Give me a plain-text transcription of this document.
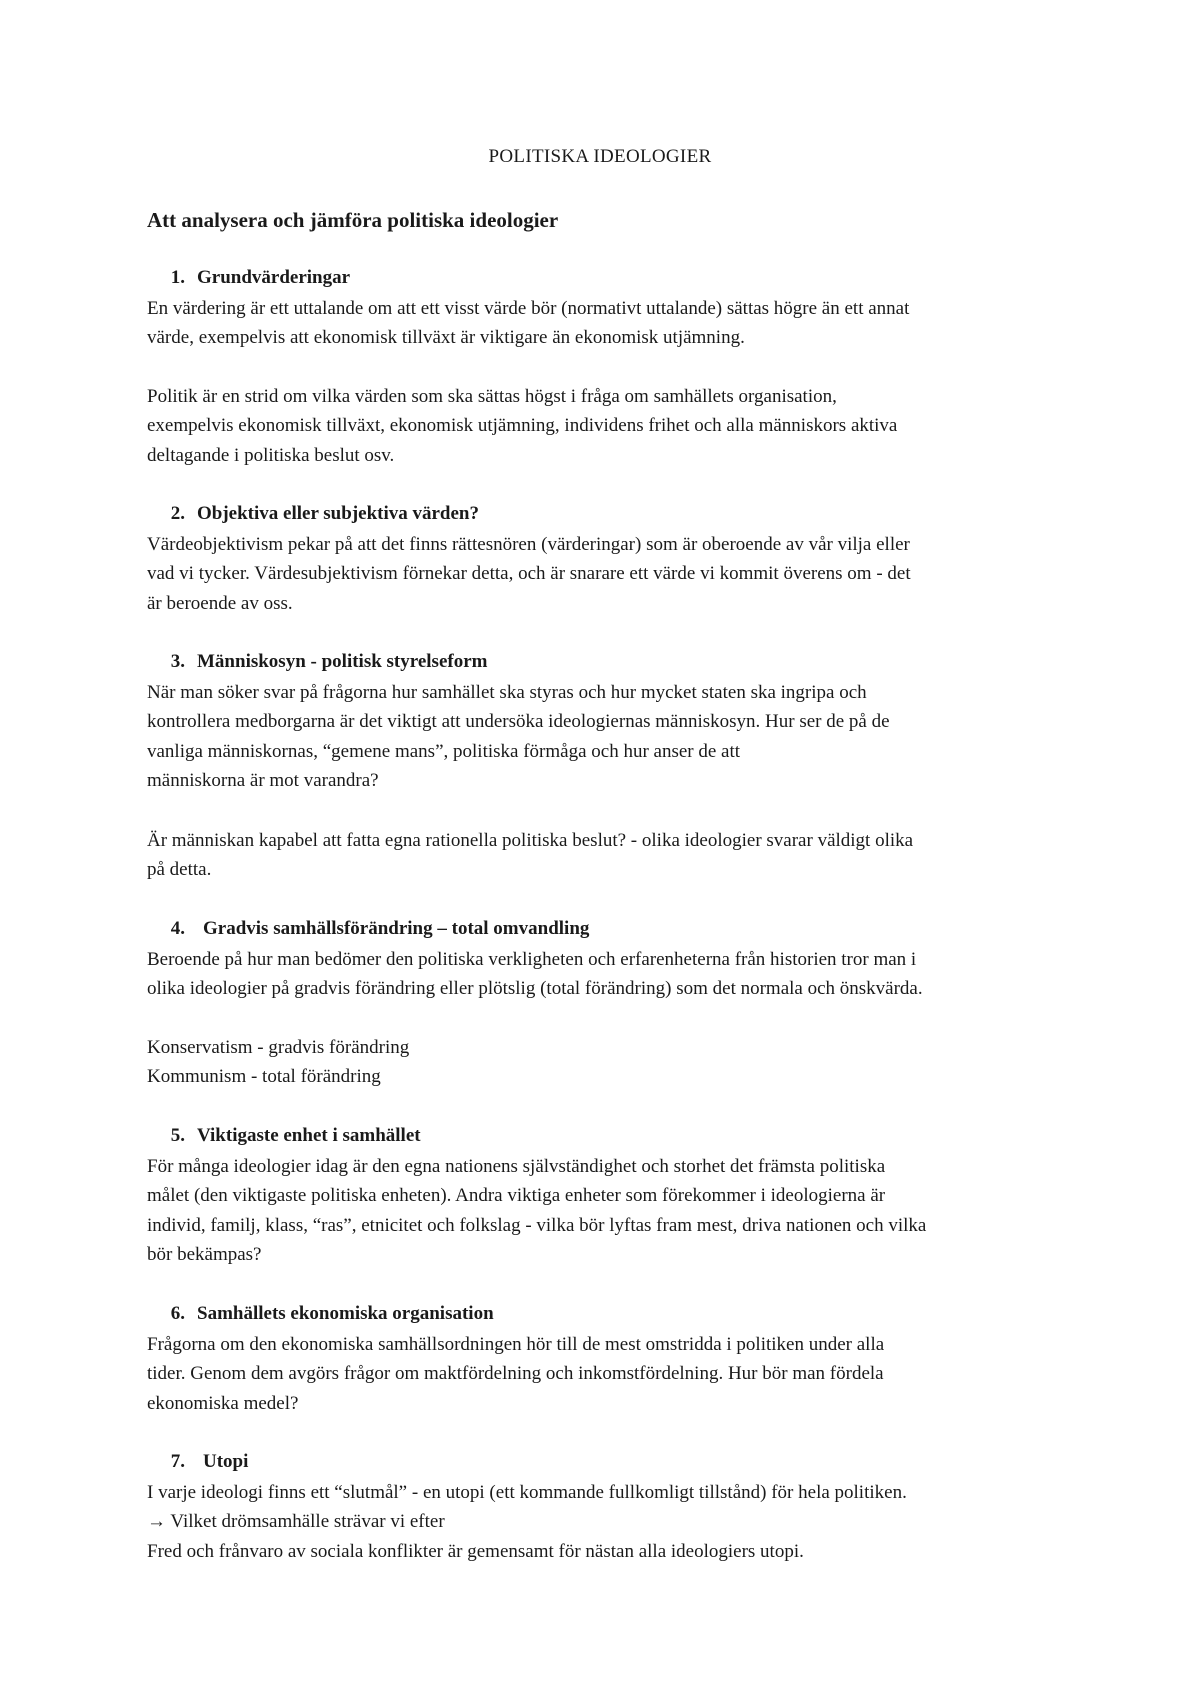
POLITISKA IDEOLOGIER
Att analysera och jämföra politiska ideologier
1. Grundvärderingar
En värdering är ett uttalande om att ett visst värde bör (normativt uttalande) sättas högre än ett annat
värde, exempelvis att ekonomisk tillväxt är viktigare än ekonomisk utjämning.
Politik är en strid om vilka värden som ska sättas högst i fråga om samhällets organisation,
exempelvis ekonomisk tillväxt, ekonomisk utjämning, individens frihet och alla människors aktiva
deltagande i politiska beslut osv.
2. Objektiva eller subjektiva värden?
Värdeobjektivism pekar på att det finns rättesnören (värderingar) som är oberoende av vår vilja eller
vad vi tycker. Värdesubjektivism förnekar detta, och är snarare ett värde vi kommit överens om - det
är beroende av oss.
3. Människosyn - politisk styrelseform
När man söker svar på frågorna hur samhället ska styras och hur mycket staten ska ingripa och
kontrollera medborgarna är det viktigt att undersöka ideologiernas människosyn. Hur ser de på de
vanliga människornas, “gemene mans”, politiska förmåga och hur anser de att
människorna är mot varandra?
Är människan kapabel att fatta egna rationella politiska beslut? - olika ideologier svarar väldigt olika
på detta.
4. Gradvis samhällsförändring – total omvandling
Beroende på hur man bedömer den politiska verkligheten och erfarenheterna från historien tror man i
olika ideologier på gradvis förändring eller plötslig (total förändring) som det normala och önskvärda.
Konservatism - gradvis förändring
Kommunism - total förändring
5. Viktigaste enhet i samhället
För många ideologier idag är den egna nationens självständighet och storhet det främsta politiska
målet (den viktigaste politiska enheten). Andra viktiga enheter som förekommer i ideologierna är
individ, familj, klass, “ras”, etnicitet och folkslag - vilka bör lyftas fram mest, driva nationen och vilka
bör bekämpas?
6. Samhällets ekonomiska organisation
Frågorna om den ekonomiska samhällsordningen hör till de mest omstridda i politiken under alla
tider. Genom dem avgörs frågor om maktfördelning och inkomstfördelning. Hur bör man fördela
ekonomiska medel?
7. Utopi
I varje ideologi finns ett “slutmål” - en utopi (ett kommande fullkomligt tillstånd) för hela politiken.
→ Vilket drömsamhälle strävar vi efter
Fred och frånvaro av sociala konflikter är gemensamt för nästan alla ideologiers utopi.
